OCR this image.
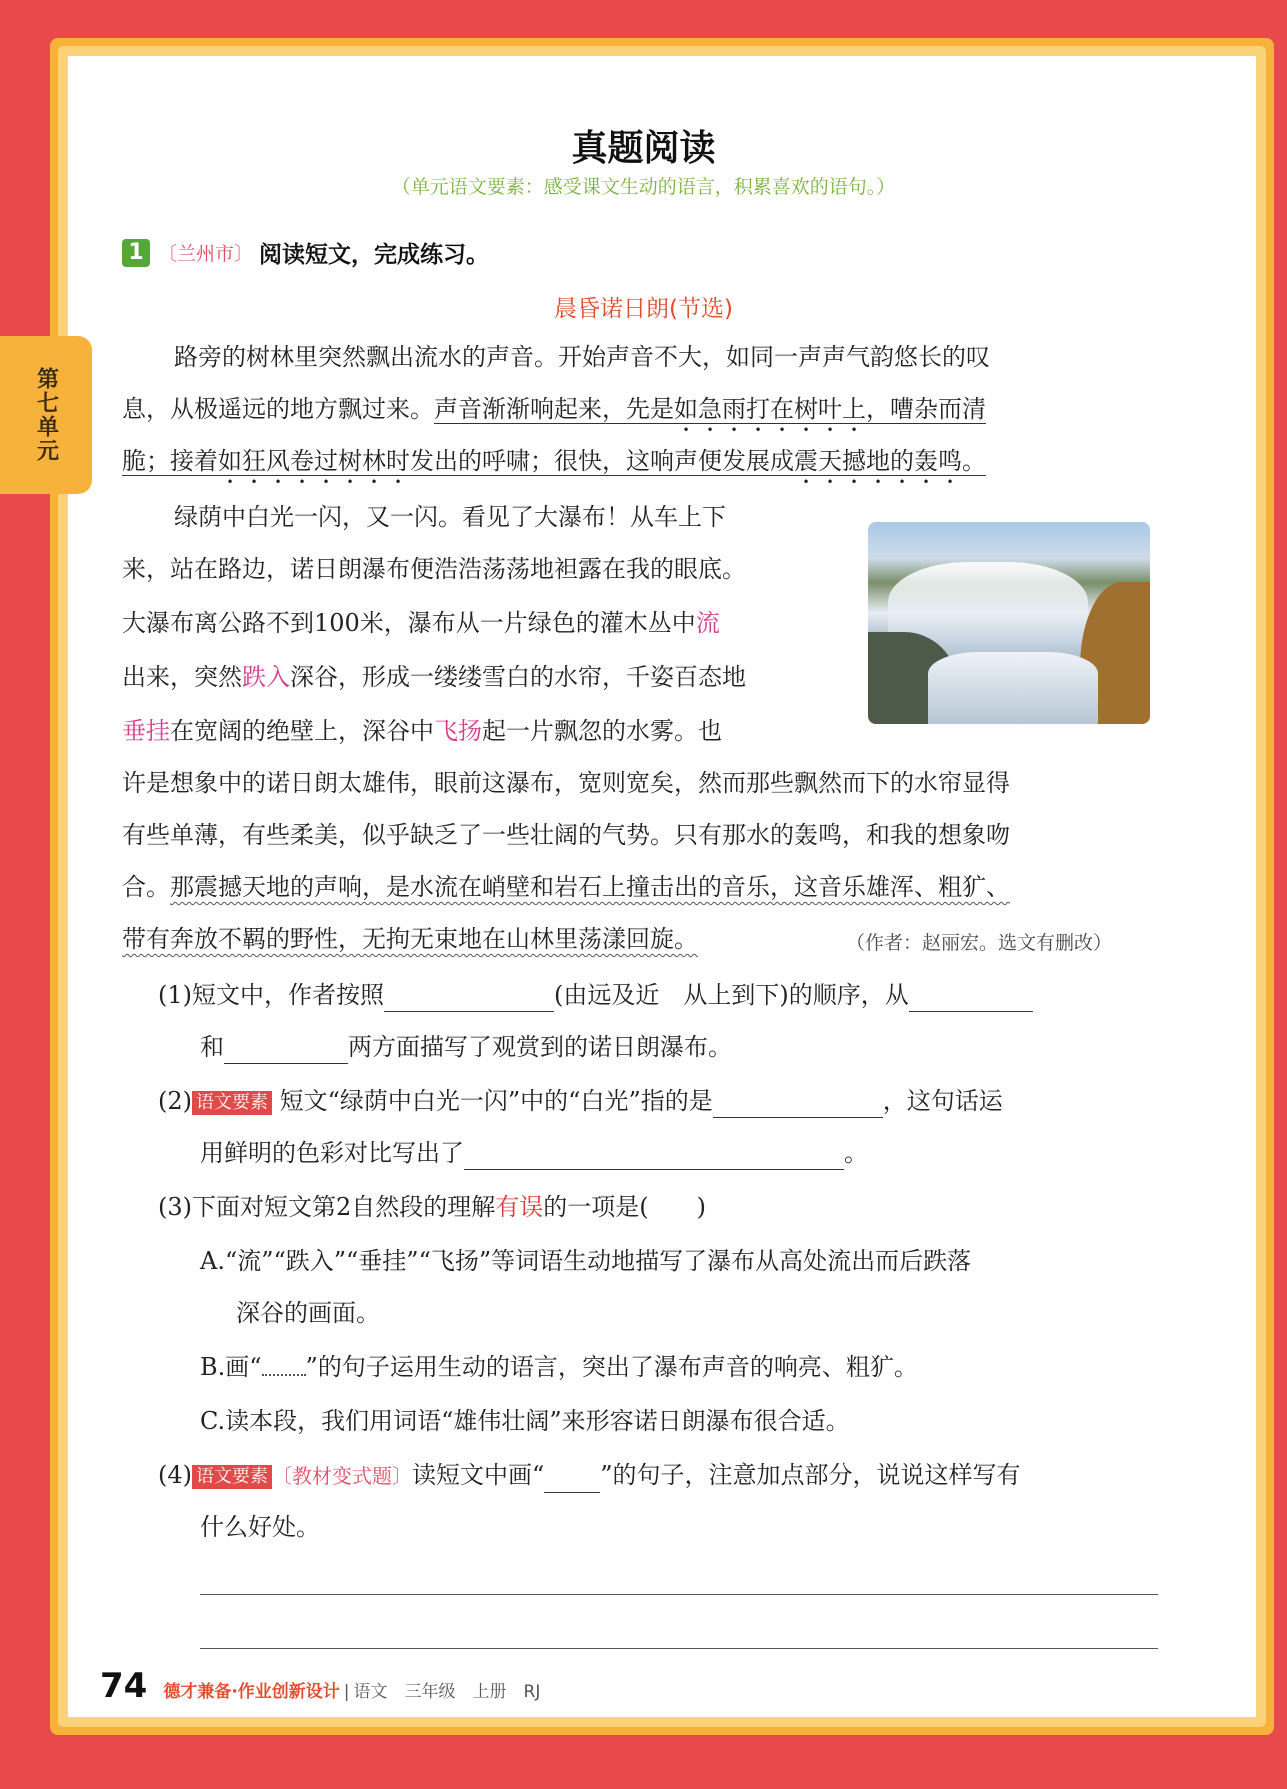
第七单元
真题阅读
（单元语文要素：感受课文生动的语言，积累喜欢的语句。）
1 〔兰州市〕 阅读短文，完成练习。
晨昏诺日朗(节选)
路旁的树林里突然飘出流水的声音。开始声音不大，如同一声声气韵悠长的叹
息，从极遥远的地方飘过来。声音渐渐响起来，先是如急雨打在树叶上，嘈杂而清
脆；接着如狂风卷过树林时发出的呼啸；很快，这响声便发展成震天撼地的轰鸣。
绿荫中白光一闪，又一闪。看见了大瀑布！从车上下
来，站在路边，诺日朗瀑布便浩浩荡荡地袒露在我的眼底。
大瀑布离公路不到100米，瀑布从一片绿色的灌木丛中流
出来，突然跌入深谷，形成一缕缕雪白的水帘，千姿百态地
垂挂在宽阔的绝壁上，深谷中飞扬起一片飘忽的水雾。也
许是想象中的诺日朗太雄伟，眼前这瀑布，宽则宽矣，然而那些飘然而下的水帘显得
有些单薄，有些柔美，似乎缺乏了一些壮阔的气势。只有那水的轰鸣，和我的想象吻
合。那震撼天地的声响，是水流在峭壁和岩石上撞击出的音乐，这音乐雄浑、粗犷、
带有奔放不羁的野性，无拘无束地在山林里荡漾回旋。	（作者：赵丽宏。选文有删改）
(1)短文中，作者按照	(由远及近　从上到下)的顺序，从
和	两方面描写了观赏到的诺日朗瀑布。
(2) 语文要素 短文“绿荫中白光一闪”中的“白光”指的是	，这句话运
用鲜明的色彩对比写出了	。
(3)下面对短文第2自然段的理解有误的一项是(　　)
A.“流”“跌入”“垂挂”“飞扬”等词语生动地描写了瀑布从高处流出而后跌落
深谷的画面。
B.画“ ”的句子运用生动的语言，突出了瀑布声音的响亮、粗犷。
C.读本段，我们用词语“雄伟壮阔”来形容诺日朗瀑布很合适。
(4) 语文要素 〔教材变式题〕读短文中画“ ”的句子，注意加点部分，说说这样写有
什么好处。
74 德才兼备·作业创新设计 | 语文　三年级　上册　RJ
